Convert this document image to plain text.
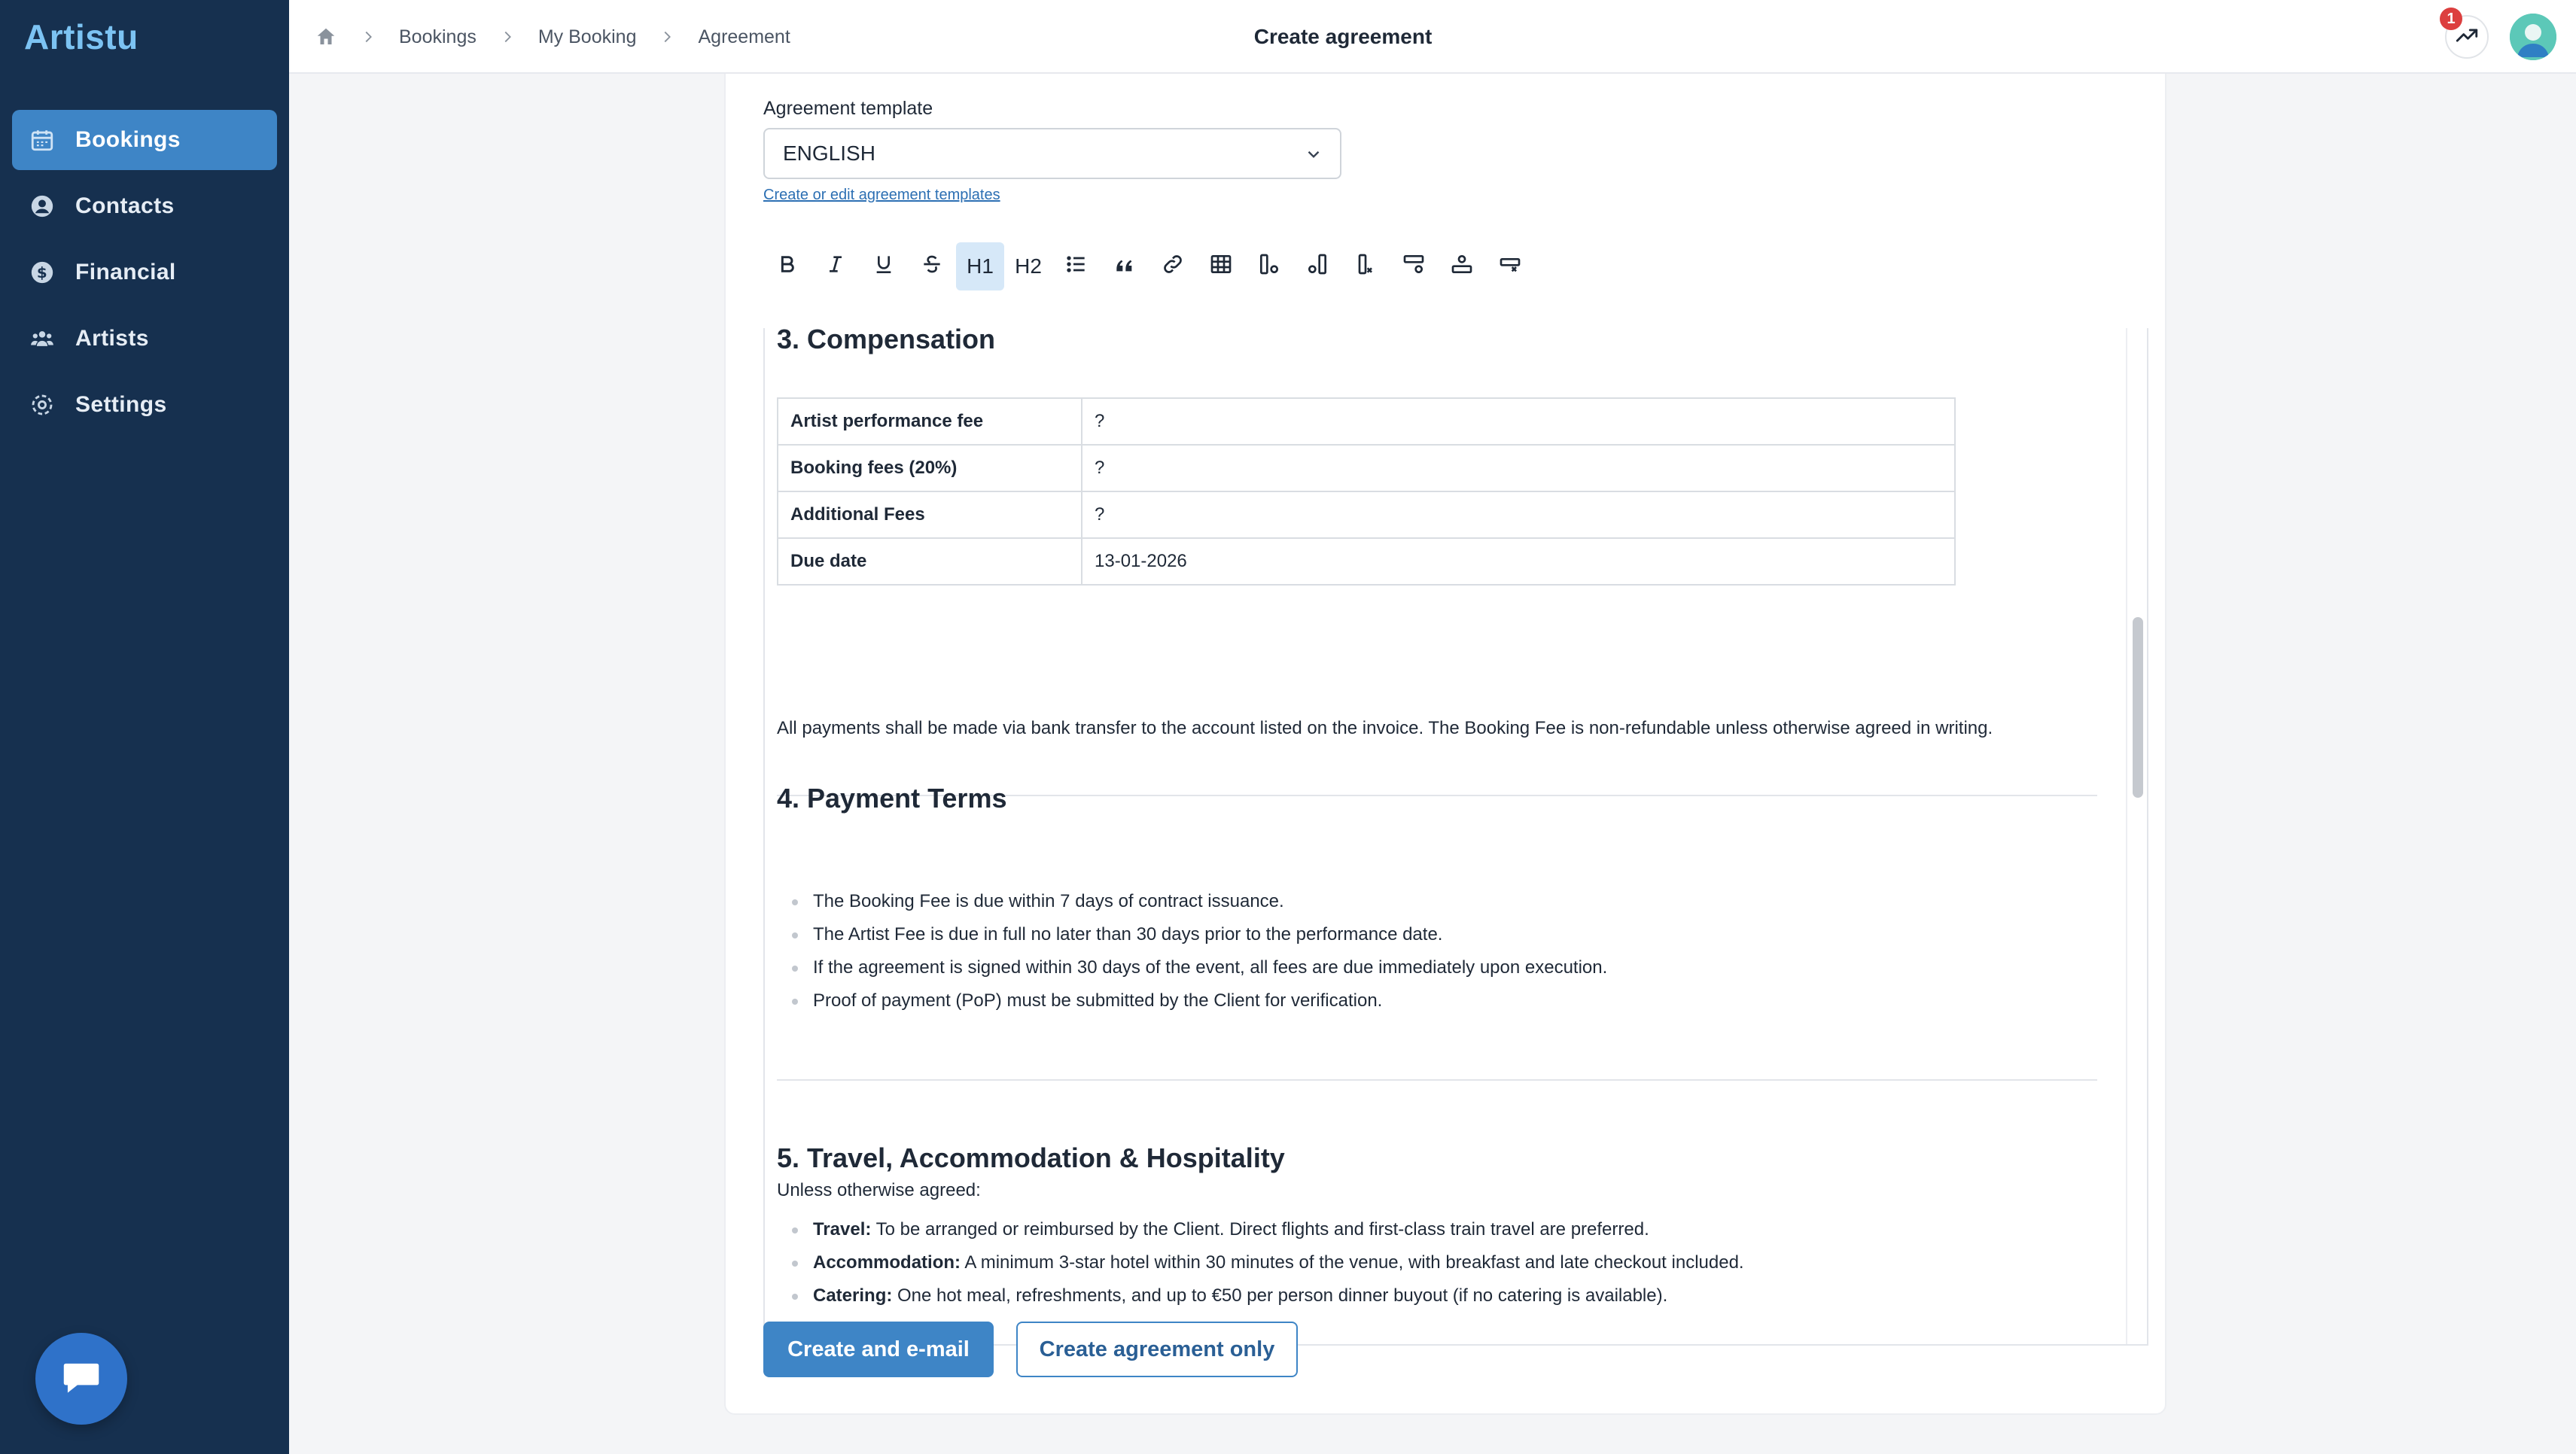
Artistu
Bookings
Contacts
$ Financial
Artists
Settings
Bookings	My Booking	Agreement	Create agreement
1
Agreement template
ENGLISH
Create or edit agreement templates
H1 H2
3. Compensation
Artist performance fee	?
Booking fees (20%)	?
Additional Fees	?
Due date	13-01-2026

All payments shall be made via bank transfer to the account listed on the invoice. The Booking Fee is non-refundable unless otherwise agreed in writing.

4. Payment Terms
The Booking Fee is due within 7 days of contract issuance.
The Artist Fee is due in full no later than 30 days prior to the performance date.
If the agreement is signed within 30 days of the event, all fees are due immediately upon execution.
Proof of payment (PoP) must be submitted by the Client for verification.
5. Travel, Accommodation & Hospitality

Unless otherwise agreed:

Travel: To be arranged or reimbursed by the Client. Direct flights and first-class train travel are preferred.
Accommodation: A minimum 3-star hotel within 30 minutes of the venue, with breakfast and late checkout included.
Catering: One hot meal, refreshments, and up to €50 per person dinner buyout (if no catering is available).
Create and e-mail	Create agreement only
